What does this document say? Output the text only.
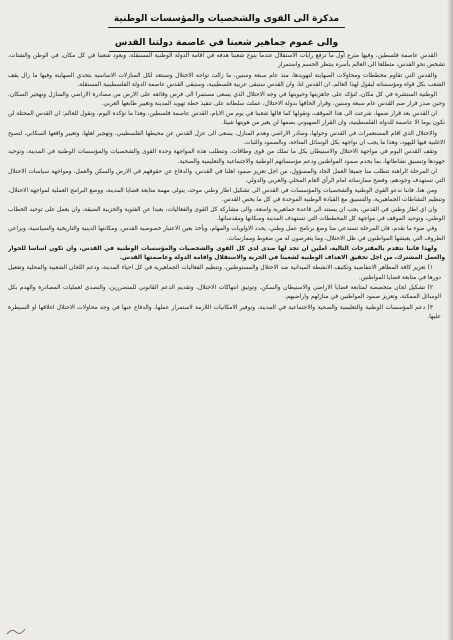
مذكرة الى القوى والشخصيات والمؤسسات الوطنية
والى عموم جماهير شعبنا في عاصمة دولتنا القدس

القدس عاصمة فلسطين، وفيها مترع اول ما ترفع رايات الاستقلال عندما يتوج شعبنا هدفه في اقامة الدولة الوطنية المستقلة، ويعود شعبنا في كل مكان، في الوطن والشتات، تشخص نحو القدس، متطلعا الى العالم بأسره ينتظر الحسم واستمرار

والقدس التي تقاوم مخططات ومحاولات الصهاينة لتهويدها، منذ عام سبعة وستين، ما زالت تواجه الاحتلال وتستعد لكل المنازلات الاساسية بتحدي الصهاينة وفيها ما زال يقف الشعب بكل قواه ومؤسساته ليقول لهذا العالم، ان القدس لنا، وان القدس ستبقى عربية فلسطينية، وستبقى القدس عاصمة الدولة الفلسطينية المستقلة.

الوطنية المنتشرة في كل مكان، لتؤكد على جاهزيتها وحيويتها في وجه الاحتلال الذي يسعى مستمرا الى فرض وقائعه على الارض من مصادرة الاراضي والمنازل وتهجير السكان. وحين صدر قرار ضم القدس عام سبعة وستين، وقرار الحاقها بدولة الاحتلال، عملت سلطاته على تنفيذ خطة تهويد المدينة وتغيير طابعها العربي.

ان القدس بعد قرار ضمها، شرعت الى هذا الموقف، ونقولها كما قالها شعبنا في يوم من الايام، القدس عاصمة فلسطين، وهذا ما نؤكده اليوم، ونقول للعالم: ان القدس المحتلة لن تكون يوما الا عاصمة للدولة الفلسطينية، وان القرار الصهيوني بضمها لن يغير من هويتها شيئا.

والاحتلال الذي اقام المستعمرات في القدس وحولها، وصادر الاراضي وهدم المنازل، يسعى الى عزل القدس عن محيطها الفلسطيني، وتهجير اهلها، وتغيير واقعها السكاني، لتصبح الاغلبية فيها لليهود، وهذا ما يجب ان نواجهه بكل الوسائل المتاحة، وبالصمود والثبات.

وتقف القدس اليوم في مواجهة الاحتلال والاستيطان بكل ما تملك من قوى وطاقات، وتتطلب هذه المواجهة وحدة القوى والشخصيات والمؤسسات الوطنية في المدينة، وتوحيد جهودها وتنسيق نشاطاتها، بما يخدم صمود المواطنين ودعم مؤسساتهم الوطنية والاجتماعية والتعليمية والصحية.

ان المرحلة الراهنة تتطلب منا جميعا العمل الجاد والمسؤول، من اجل تعزيز صمود اهلنا في القدس، والدفاع عن حقوقهم في الارض والسكن والعمل، ومواجهة سياسات الاحتلال التي تستهدف وجودهم، وفضح ممارساته امام الرأي العام المحلي والعربي والدولي.

ومن هنا، فاننا ندعو القوى الوطنية والشخصيات والمؤسسات في القدس الى تشكيل اطار وطني موحد، يتولى مهمة متابعة قضايا المدينة، ووضع البرامج العملية لمواجهة الاحتلال، وتنظيم النشاطات الجماهيرية، والتنسيق مع القيادة الوطنية الموحدة في كل ما يخص القدس.

وان اي اطار وطني في القدس، يجب ان يستند الى قاعدة جماهيرية واسعة، والى مشاركة كل القوى والفعاليات، بعيدا عن الفئوية والحزبية الضيقة، وان يعمل على توحيد الخطاب الوطني، وتوحيد الموقف في مواجهة كل المخططات التي تستهدف المدينة وسكانها ومقدساتها.

وفي ضوء ما تقدم، فان المرحلة تستدعي منا وضع برنامج عمل وطني، يحدد الاولويات والمهام، ويأخذ بعين الاعتبار خصوصية القدس، ومكانتها الدينية والتاريخية والسياسية، ويراعي الظروف التي يعيشها المواطنون في ظل الاحتلال، وما يتعرضون له من ضغوط وممارسات.

ولهذا فاننا نتقدم بالمقترحات التالية، املين ان تجد لها صدى لدى كل القوى والشخصيات والمؤسسات الوطنية في القدس، وان تكون اساسا للحوار والعمل المشترك، من اجل تحقيق الاهداف الوطنية لشعبنا في الحرية والاستقلال واقامة الدولة وعاصمتها القدس.

١) تعزيز كافة المظاهر الانتفاضية وتكثيف الانشطة الميدانية ضد الاحتلال والمستوطنين، وتنظيم الفعاليات الجماهيرية في كل احياء المدينة، ودعم اللجان الشعبية والمحلية وتفعيل دورها في متابعة قضايا المواطنين.

٢) تشكيل لجان متخصصة لمتابعة قضايا الاراضي والاستيطان والسكن، وتوثيق انتهاكات الاحتلال، وتقديم الدعم القانوني للمتضررين، والتصدي لعمليات المصادرة والهدم بكل الوسائل الممكنة، وتعزيز صمود المواطنين في منازلهم واراضيهم.

٣) دعم المؤسسات الوطنية والتعليمية والصحية والاجتماعية في المدينة، وتوفير الامكانيات اللازمة لاستمرار عملها، والدفاع عنها في وجه محاولات الاحتلال اغلاقها او السيطرة عليها.
